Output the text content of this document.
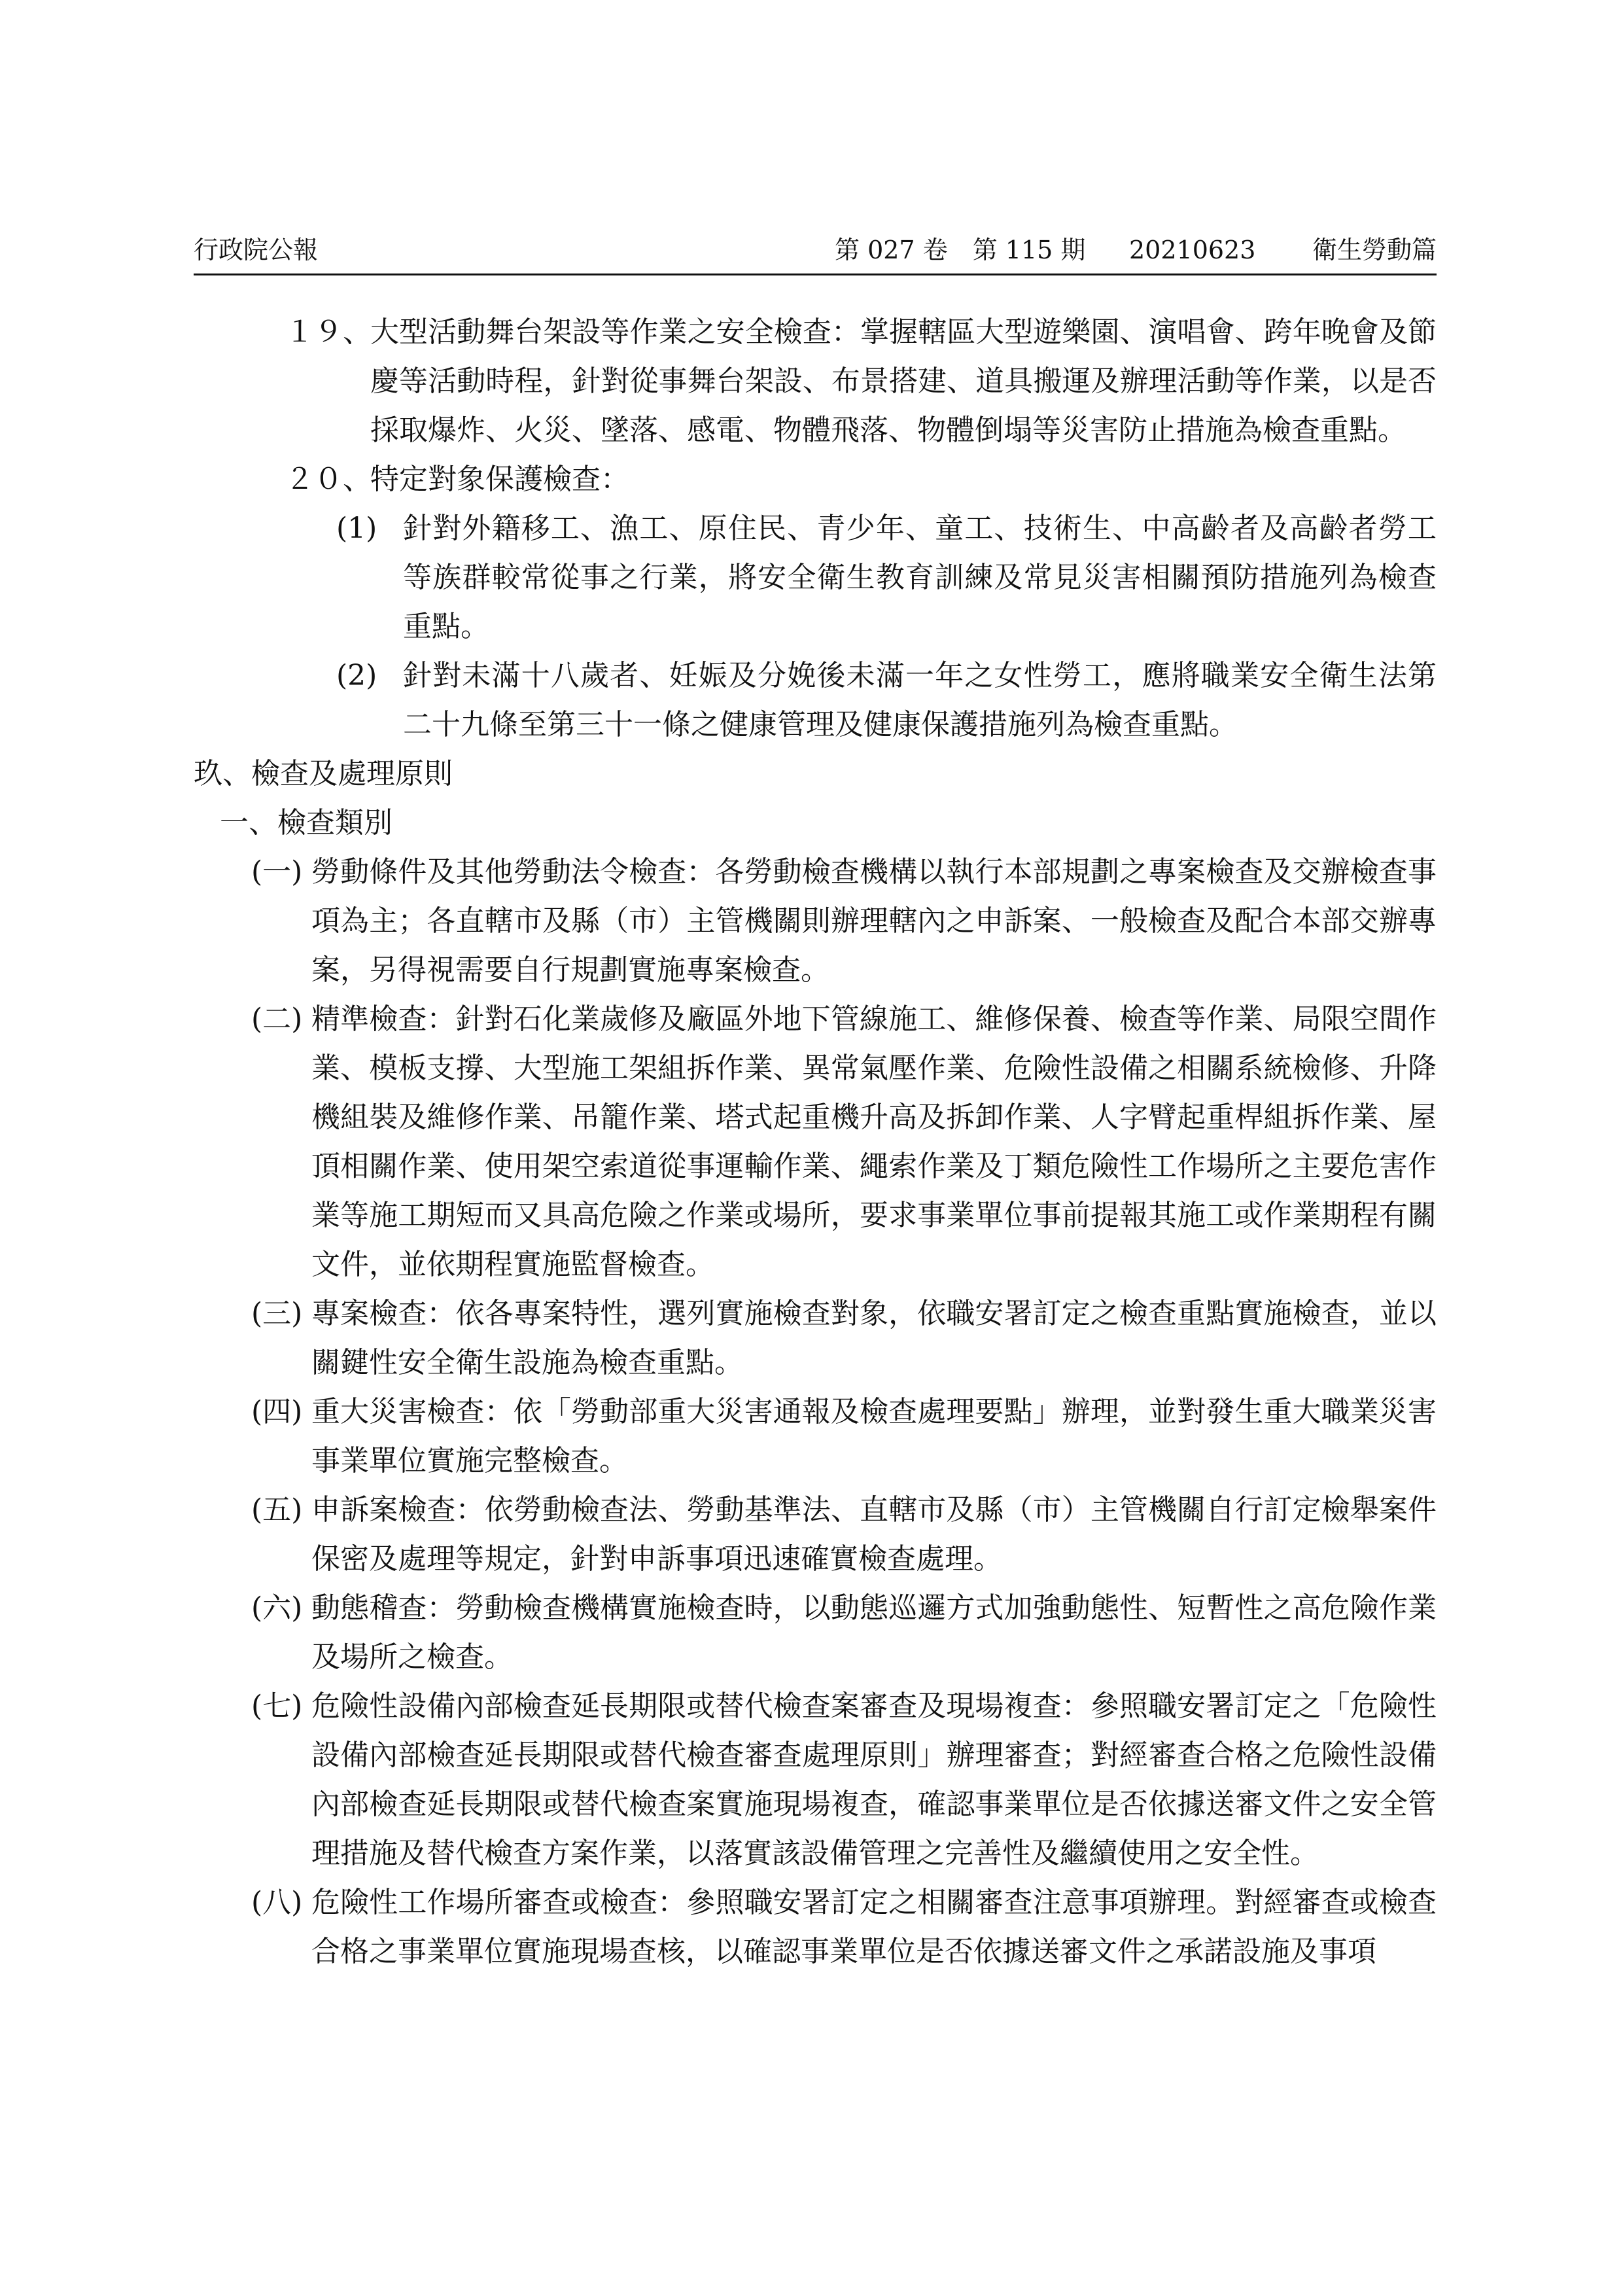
行政院公報	第 027 卷　第 115 期 20210623 衛生勞動篇

１９、
大型活動舞台架設等作業之安全檢查：掌握轄區大型遊樂園、演唱會、跨年晚會及節慶等活動時程，針對從事舞台架設、布景搭建、道具搬運及辦理活動等作業，以是否採取爆炸、火災、墜落、感電、物體飛落、物體倒塌等災害防止措施為檢查重點。

２０、
特定對象保護檢查：

(1) 針對外籍移工、漁工、原住民、青少年、童工、技術生、中高齡者及高齡者勞工等族群較常從事之行業，將安全衛生教育訓練及常見災害相關預防措施列為檢查重點。

(2) 針對未滿十八歲者、妊娠及分娩後未滿一年之女性勞工，應將職業安全衛生法第二十九條至第三十一條之健康管理及健康保護措施列為檢查重點。

玖、檢查及處理原則

一、檢查類別

(一) 勞動條件及其他勞動法令檢查：各勞動檢查機構以執行本部規劃之專案檢查及交辦檢查事項為主；各直轄市及縣（市）主管機關則辦理轄內之申訴案、一般檢查及配合本部交辦專案，另得視需要自行規劃實施專案檢查。

(二) 精準檢查：針對石化業歲修及廠區外地下管線施工、維修保養、檢查等作業、局限空間作業、模板支撐、大型施工架組拆作業、異常氣壓作業、危險性設備之相關系統檢修、升降機組裝及維修作業、吊籠作業、塔式起重機升高及拆卸作業、人字臂起重桿組拆作業、屋頂相關作業、使用架空索道從事運輸作業、繩索作業及丁類危險性工作場所之主要危害作業等施工期短而又具高危險之作業或場所，要求事業單位事前提報其施工或作業期程有關文件，並依期程實施監督檢查。

(三) 專案檢查：依各專案特性，選列實施檢查對象，依職安署訂定之檢查重點實施檢查，並以關鍵性安全衛生設施為檢查重點。

(四) 重大災害檢查：依「勞動部重大災害通報及檢查處理要點」辦理，並對發生重大職業災害事業單位實施完整檢查。

(五) 申訴案檢查：依勞動檢查法、勞動基準法、直轄市及縣（市）主管機關自行訂定檢舉案件保密及處理等規定，針對申訴事項迅速確實檢查處理。

(六) 動態稽查：勞動檢查機構實施檢查時，以動態巡邏方式加強動態性、短暫性之高危險作業及場所之檢查。

(七) 危險性設備內部檢查延長期限或替代檢查案審查及現場複查：參照職安署訂定之「危險性設備內部檢查延長期限或替代檢查審查處理原則」辦理審查；對經審查合格之危險性設備內部檢查延長期限或替代檢查案實施現場複查，確認事業單位是否依據送審文件之安全管理措施及替代檢查方案作業，以落實該設備管理之完善性及繼續使用之安全性。

(八) 危險性工作場所審查或檢查：參照職安署訂定之相關審查注意事項辦理。對經審查或檢查合格之事業單位實施現場查核，以確認事業單位是否依據送審文件之承諾設施及事項
